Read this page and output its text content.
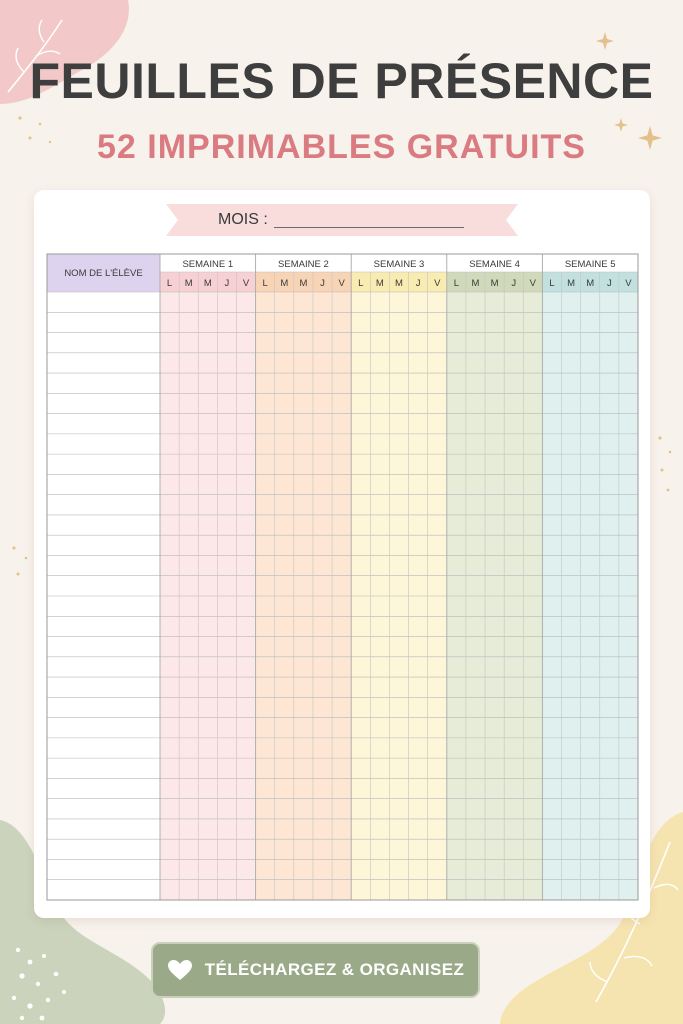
FEUILLES DE PRÉSENCE
52 IMPRIMABLES GRATUITS
MOIS :
NOM DE L'ÉLÈVE
SEMAINE 1
L M M J V
SEMAINE 2
L M M J V
SEMAINE 3
L M M J V
SEMAINE 4
L M M J V
SEMAINE 5
L M M J V
TÉLÉCHARGEZ & ORGANISEZ
